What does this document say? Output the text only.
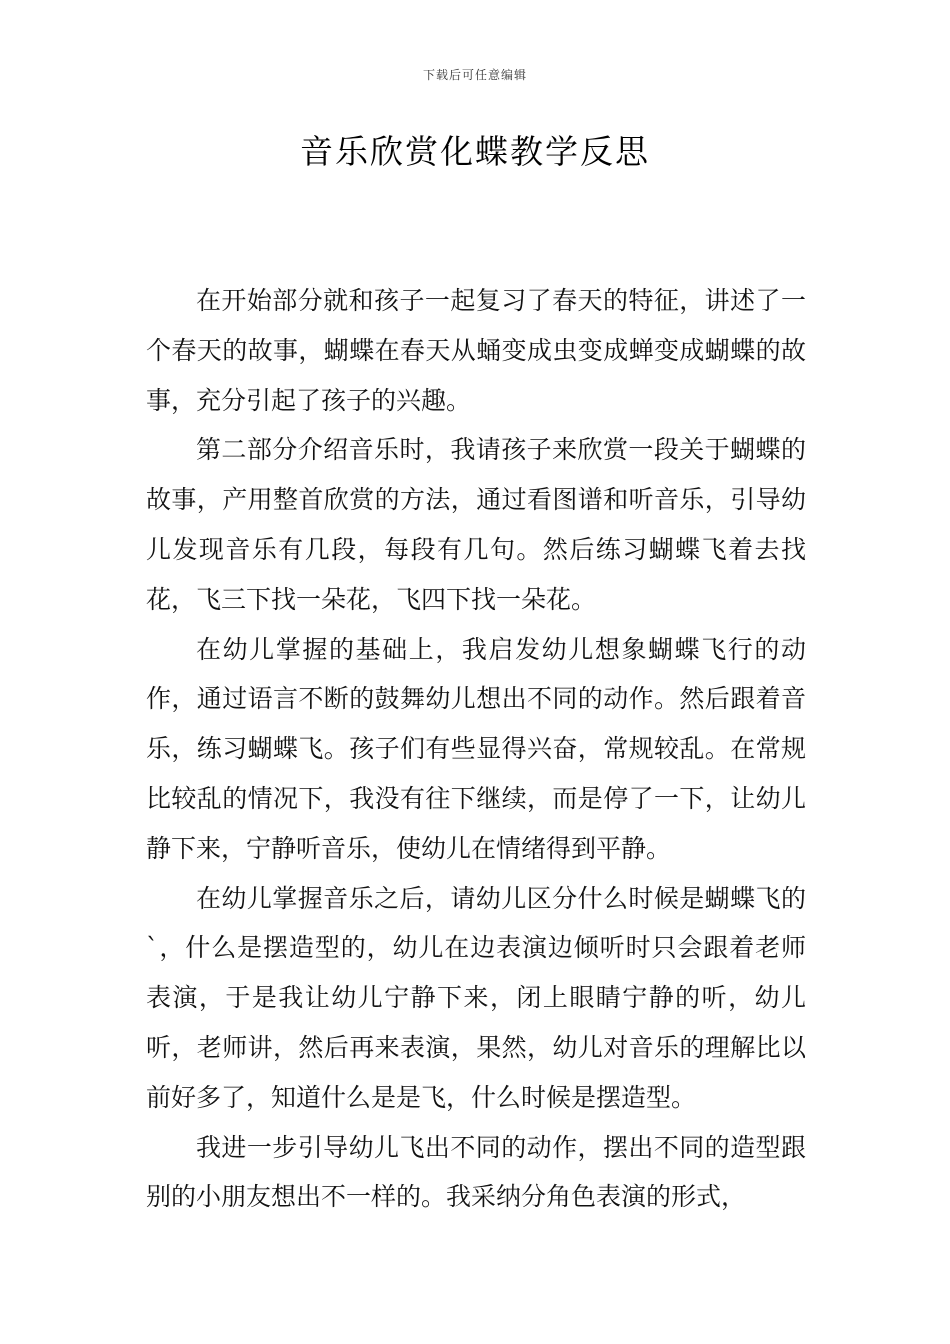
下载后可任意编辑
音乐欣赏化蝶教学反思

在开始部分就和孩子一起复习了春天的特征，讲述了一个春天的故事，蝴蝶在春天从蛹变成虫变成蝉变成蝴蝶的故事，充分引起了孩子的兴趣。

第二部分介绍音乐时，我请孩子来欣赏一段关于蝴蝶的故事，产用整首欣赏的方法，通过看图谱和听音乐，引导幼儿发现音乐有几段，每段有几句。然后练习蝴蝶飞着去找花，飞三下找一朵花，飞四下找一朵花。

在幼儿掌握的基础上，我启发幼儿想象蝴蝶飞行的动作，通过语言不断的鼓舞幼儿想出不同的动作。然后跟着音乐，练习蝴蝶飞。孩子们有些显得兴奋，常规较乱。在常规比较乱的情况下，我没有往下继续，而是停了一下，让幼儿静下来，宁静听音乐，使幼儿在情绪得到平静。

在幼儿掌握音乐之后，请幼儿区分什么时候是蝴蝶飞的`，什么是摆造型的，幼儿在边表演边倾听时只会跟着老师表演，于是我让幼儿宁静下来，闭上眼睛宁静的听，幼儿听，老师讲，然后再来表演，果然，幼儿对音乐的理解比以前好多了，知道什么是是飞，什么时候是摆造型。

我进一步引导幼儿飞出不同的动作，摆出不同的造型跟别的小朋友想出不一样的。我采纳分角色表演的形式，
